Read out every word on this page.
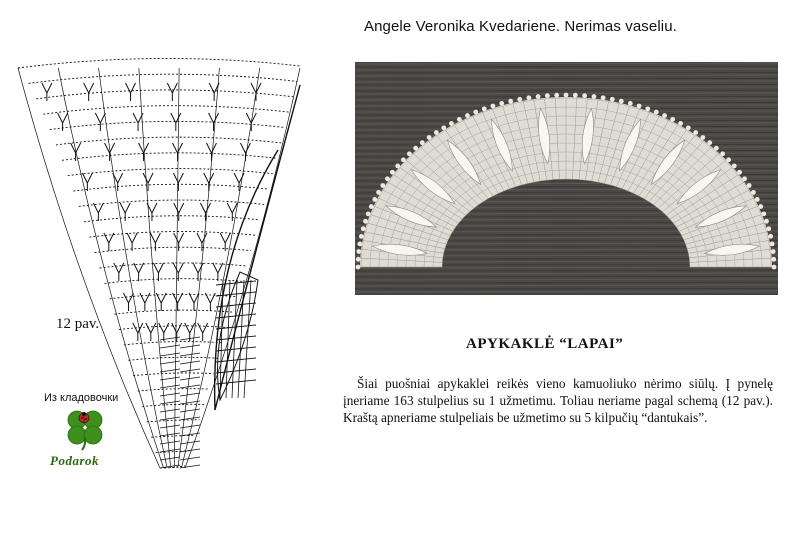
Angele Veronika Kvedariene. Nerimas vaseliu.
12 pav.
APYKAKLĖ “LAPAI”

Šiai puošniai apykaklei reikės vieno kamuoliuko nėrimo siūlų. Į pynelę įneriame 163 stulpelius su 1 užmetimu. Toliau neriame pagal schemą (12 pav.). Kraštą apneriame stulpeliais be užmetimo su 5 kilpučių “dantukais”.

Из кладовочки
Podarok
